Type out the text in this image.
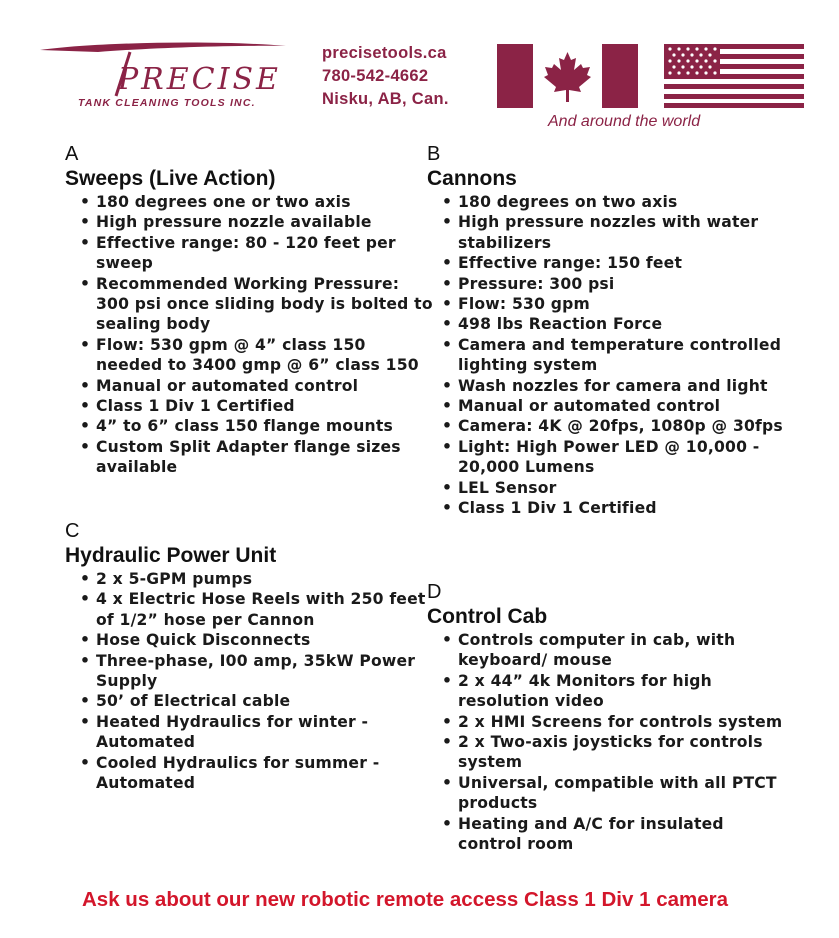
PRECISE
TANK CLEANING TOOLS INC.
precisetools.ca
780-542-4662
Nisku, AB, Can.
And around the world
A
Sweeps (Live Action)
• 180 degrees one or two axis
• High pressure nozzle available
• Effective range: 80 - 120 feet per sweep
• Recommended Working Pressure: 300 psi once sliding body is bolted to sealing body
• Flow: 530 gpm @ 4” class 150 needed to 3400 gmp @ 6” class 150
• Manual or automated control
• Class 1 Div 1 Certified
• 4” to 6” class 150 flange mounts
• Custom Split Adapter flange sizes available
B
Cannons
• 180 degrees on two axis
• High pressure nozzles with water stabilizers
• Effective range: 150 feet
• Pressure: 300 psi
• Flow: 530 gpm
• 498 lbs Reaction Force
• Camera and temperature controlled lighting system
• Wash nozzles for camera and light
• Manual or automated control
• Camera: 4K @ 20fps, 1080p @ 30fps
• Light: High Power LED @ 10,000 - 20,000 Lumens
• LEL Sensor
• Class 1 Div 1 Certified
C
Hydraulic Power Unit
• 2 x 5-GPM pumps
• 4 x Electric Hose Reels with 250 feet of 1/2” hose per Cannon
• Hose Quick Disconnects
• Three-phase, I00 amp, 35kW Power Supply
• 50’ of Electrical cable
• Heated Hydraulics for winter -Automated
• Cooled Hydraulics for summer -Automated
D
Control Cab
• Controls computer in cab, with keyboard/ mouse
• 2 x 44” 4k Monitors for high resolution video
• 2 x HMI Screens for controls system
• 2 x Two-axis joysticks for controls system
• Universal, compatible with all PTCT products
• Heating and A/C for insulated control room
Ask us about our new robotic remote access Class 1 Div 1 camera
